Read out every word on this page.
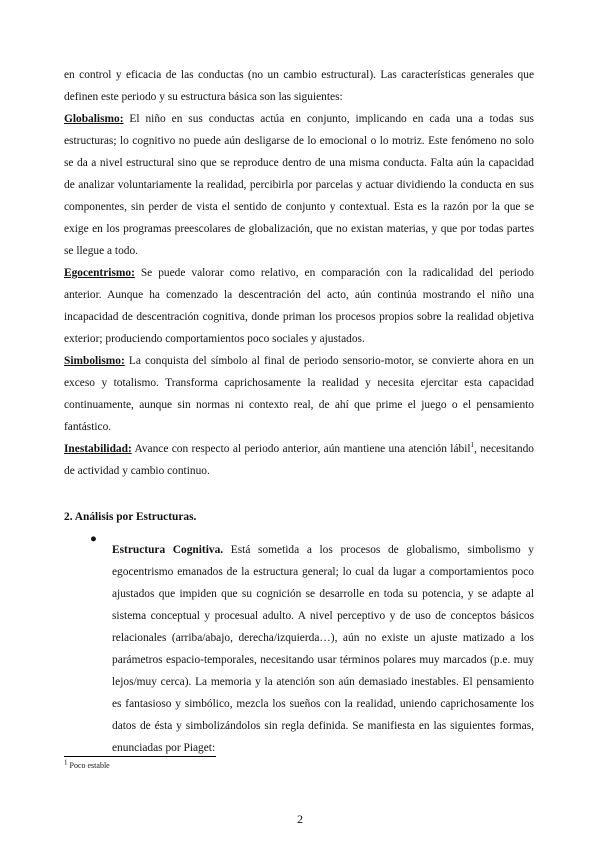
en control y eficacia de las conductas (no un cambio estructural). Las características generales que definen este periodo y su estructura básica son las siguientes:

Globalismo: El niño en sus conductas actúa en conjunto, implicando en cada una a todas sus estructuras; lo cognitivo no puede aún desligarse de lo emocional o lo motriz. Este fenómeno no solo se da a nivel estructural sino que se reproduce dentro de una misma conducta. Falta aún la capacidad de analizar voluntariamente la realidad, percibirla por parcelas y actuar dividiendo la conducta en sus componentes, sin perder de vista el sentido de conjunto y contextual. Esta es la razón por la que se exige en los programas preescolares de globalización, que no existan materias, y que por todas partes se llegue a todo.

Egocentrismo: Se puede valorar como relativo, en comparación con la radicalidad del periodo anterior. Aunque ha comenzado la descentración del acto, aún continúa mostrando el niño una incapacidad de descentración cognitiva, donde priman los procesos propios sobre la realidad objetiva exterior; produciendo comportamientos poco sociales y ajustados.

Simbolismo: La conquista del símbolo al final de periodo sensorio-motor, se convierte ahora en un exceso y totalismo. Transforma caprichosamente la realidad y necesita ejercitar esta capacidad continuamente, aunque sin normas ni contexto real, de ahí que prime el juego o el pensamiento fantástico.

Inestabilidad: Avance con respecto al periodo anterior, aún mantiene una atención lábil$^1$, necesitando de actividad y cambio continuo.

2. Análisis por Estructuras.

●

Estructura Cognitiva. Está sometida a los procesos de globalismo, simbolismo y egocentrismo emanados de la estructura general; lo cual da lugar a comportamientos poco ajustados que impiden que su cognición se desarrolle en toda su potencia, y se adapte al sistema conceptual y procesual adulto. A nivel perceptivo y de uso de conceptos básicos relacionales (arriba/abajo, derecha/izquierda…), aún no existe un ajuste matizado a los parámetros espacio-temporales, necesitando usar términos polares muy marcados (p.e. muy lejos/muy cerca). La memoria y la atención son aún demasiado inestables. El pensamiento es fantasioso y simbólico, mezcla los sueños con la realidad, uniendo caprichosamente los datos de ésta y simbolizándolos sin regla definida. Se manifiesta en las siguientes formas, enunciadas por Piaget:

$^1$ Poco estable
2
